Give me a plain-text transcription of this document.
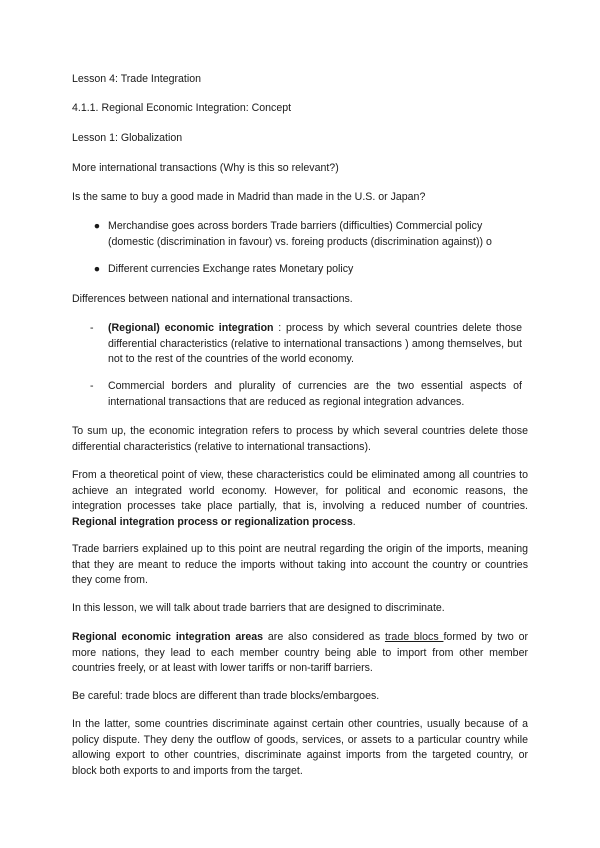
Lesson 4: Trade Integration
4.1.1. Regional Economic Integration: Concept
Lesson 1: Globalization
More international transactions (Why is this so relevant?)
Is the same to buy a good made in Madrid than made in the U.S. or Japan?
● Merchandise goes across borders Trade barriers (difficulties) Commercial policy
(domestic (discrimination in favour) vs. foreing products (discrimination against)) o
● Different currencies Exchange rates Monetary policy
Differences between national and international transactions.
-	(Regional) economic integration : process by which several countries delete those differential characteristics (relative to international transactions ) among themselves, but not to the rest of the countries of the world economy.
-	Commercial borders and plurality of currencies are the two essential aspects of international transactions that are reduced as regional integration advances.
To sum up, the economic integration refers to process by which several countries delete those differential characteristics (relative to international transactions).
From a theoretical point of view, these characteristics could be eliminated among all countries to achieve an integrated world economy. However, for political and economic reasons, the integration processes take place partially, that is, involving a reduced number of countries. Regional integration process or regionalization process.
Trade barriers explained up to this point are neutral regarding the origin of the imports, meaning that they are meant to reduce the imports without taking into account the country or countries they come from.
In this lesson, we will talk about trade barriers that are designed to discriminate.
Regional economic integration areas are also considered as trade blocs formed by two or more nations, they lead to each member country being able to import from other member countries freely, or at least with lower tariffs or non-tariff barriers.
Be careful: trade blocs are different than trade blocks/embargoes.
In the latter, some countries discriminate against certain other countries, usually because of a policy dispute. They deny the outflow of goods, services, or assets to a particular country while allowing export to other countries, discriminate against imports from the targeted country, or block both exports to and imports from the target.
